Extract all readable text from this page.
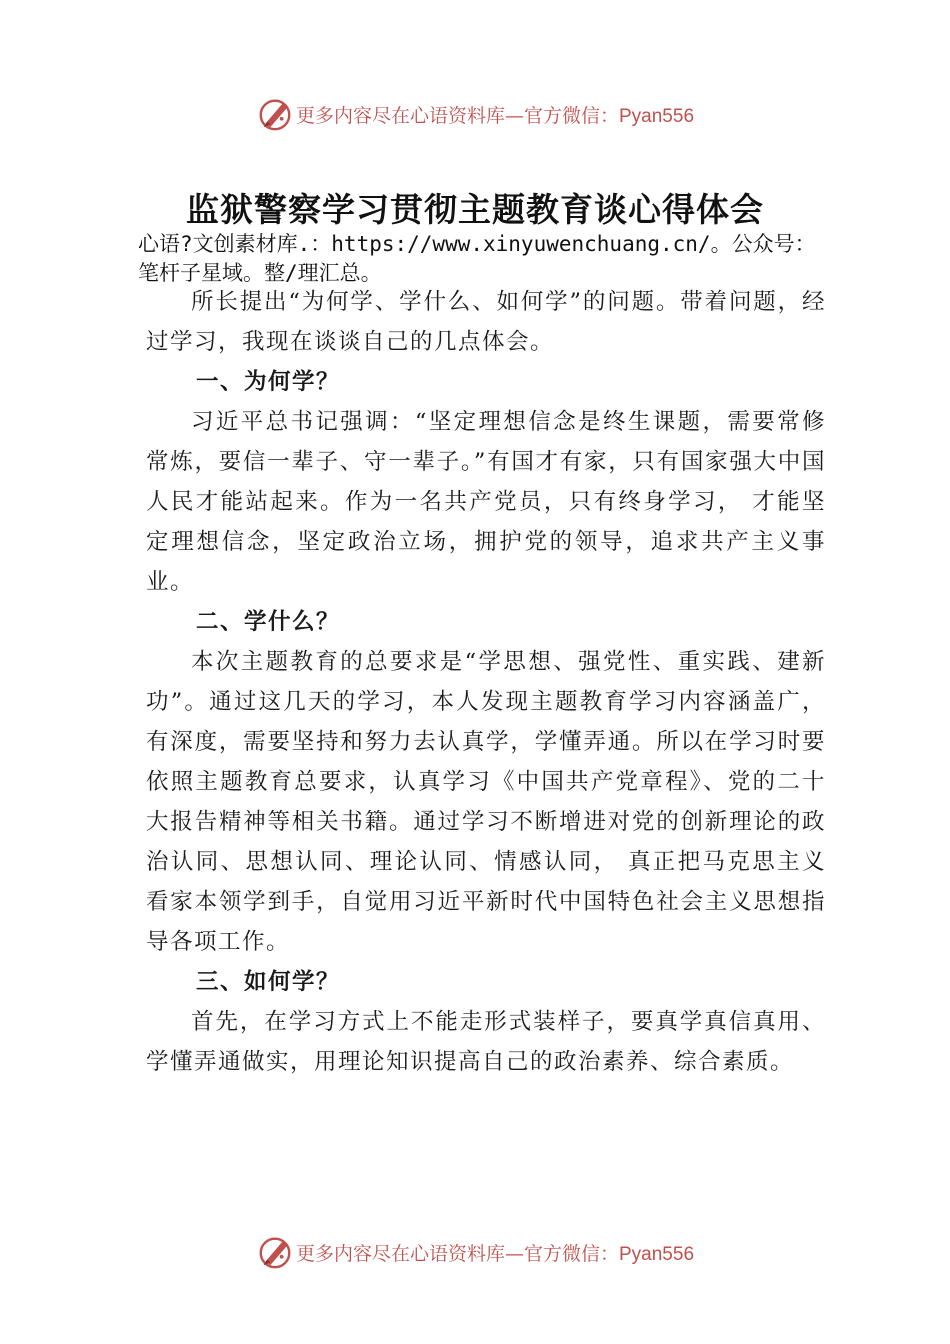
更多内容尽在心语资料库—官方微信：Pyan556
监狱警察学习贯彻主题教育谈心得体会
心语?文创素材库.：https://www.xinyuwenchuang.cn/。公众号：笔杆子星域。整/理汇总。

所长提出“为何学、学什么、如何学”的问题。带着问题，经过学习，我现在谈谈自己的几点体会。

一、为何学？

习近平总书记强调：“坚定理想信念是终生课题，需要常修常炼，要信一辈子、守一辈子。”有国才有家，只有国家强大中国人民才能站起来。作为一名共产党员，只有终身学习， 才能坚定理想信念，坚定政治立场，拥护党的领导，追求共产主义事业。

二、学什么？

本次主题教育的总要求是“学思想、强党性、重实践、建新功”。通过这几天的学习，本人发现主题教育学习内容涵盖广，有深度，需要坚持和努力去认真学，学懂弄通。所以在学习时要依照主题教育总要求，认真学习《中国共产党章程》、党的二十大报告精神等相关书籍。通过学习不断增进对党的创新理论的政治认同、思想认同、理论认同、情感认同， 真正把马克思主义看家本领学到手，自觉用习近平新时代中国特色社会主义思想指导各项工作。

三、如何学？

首先，在学习方式上不能走形式装样子，要真学真信真用、学懂弄通做实，用理论知识提高自己的政治素养、综合素质。

更多内容尽在心语资料库—官方微信：Pyan556
